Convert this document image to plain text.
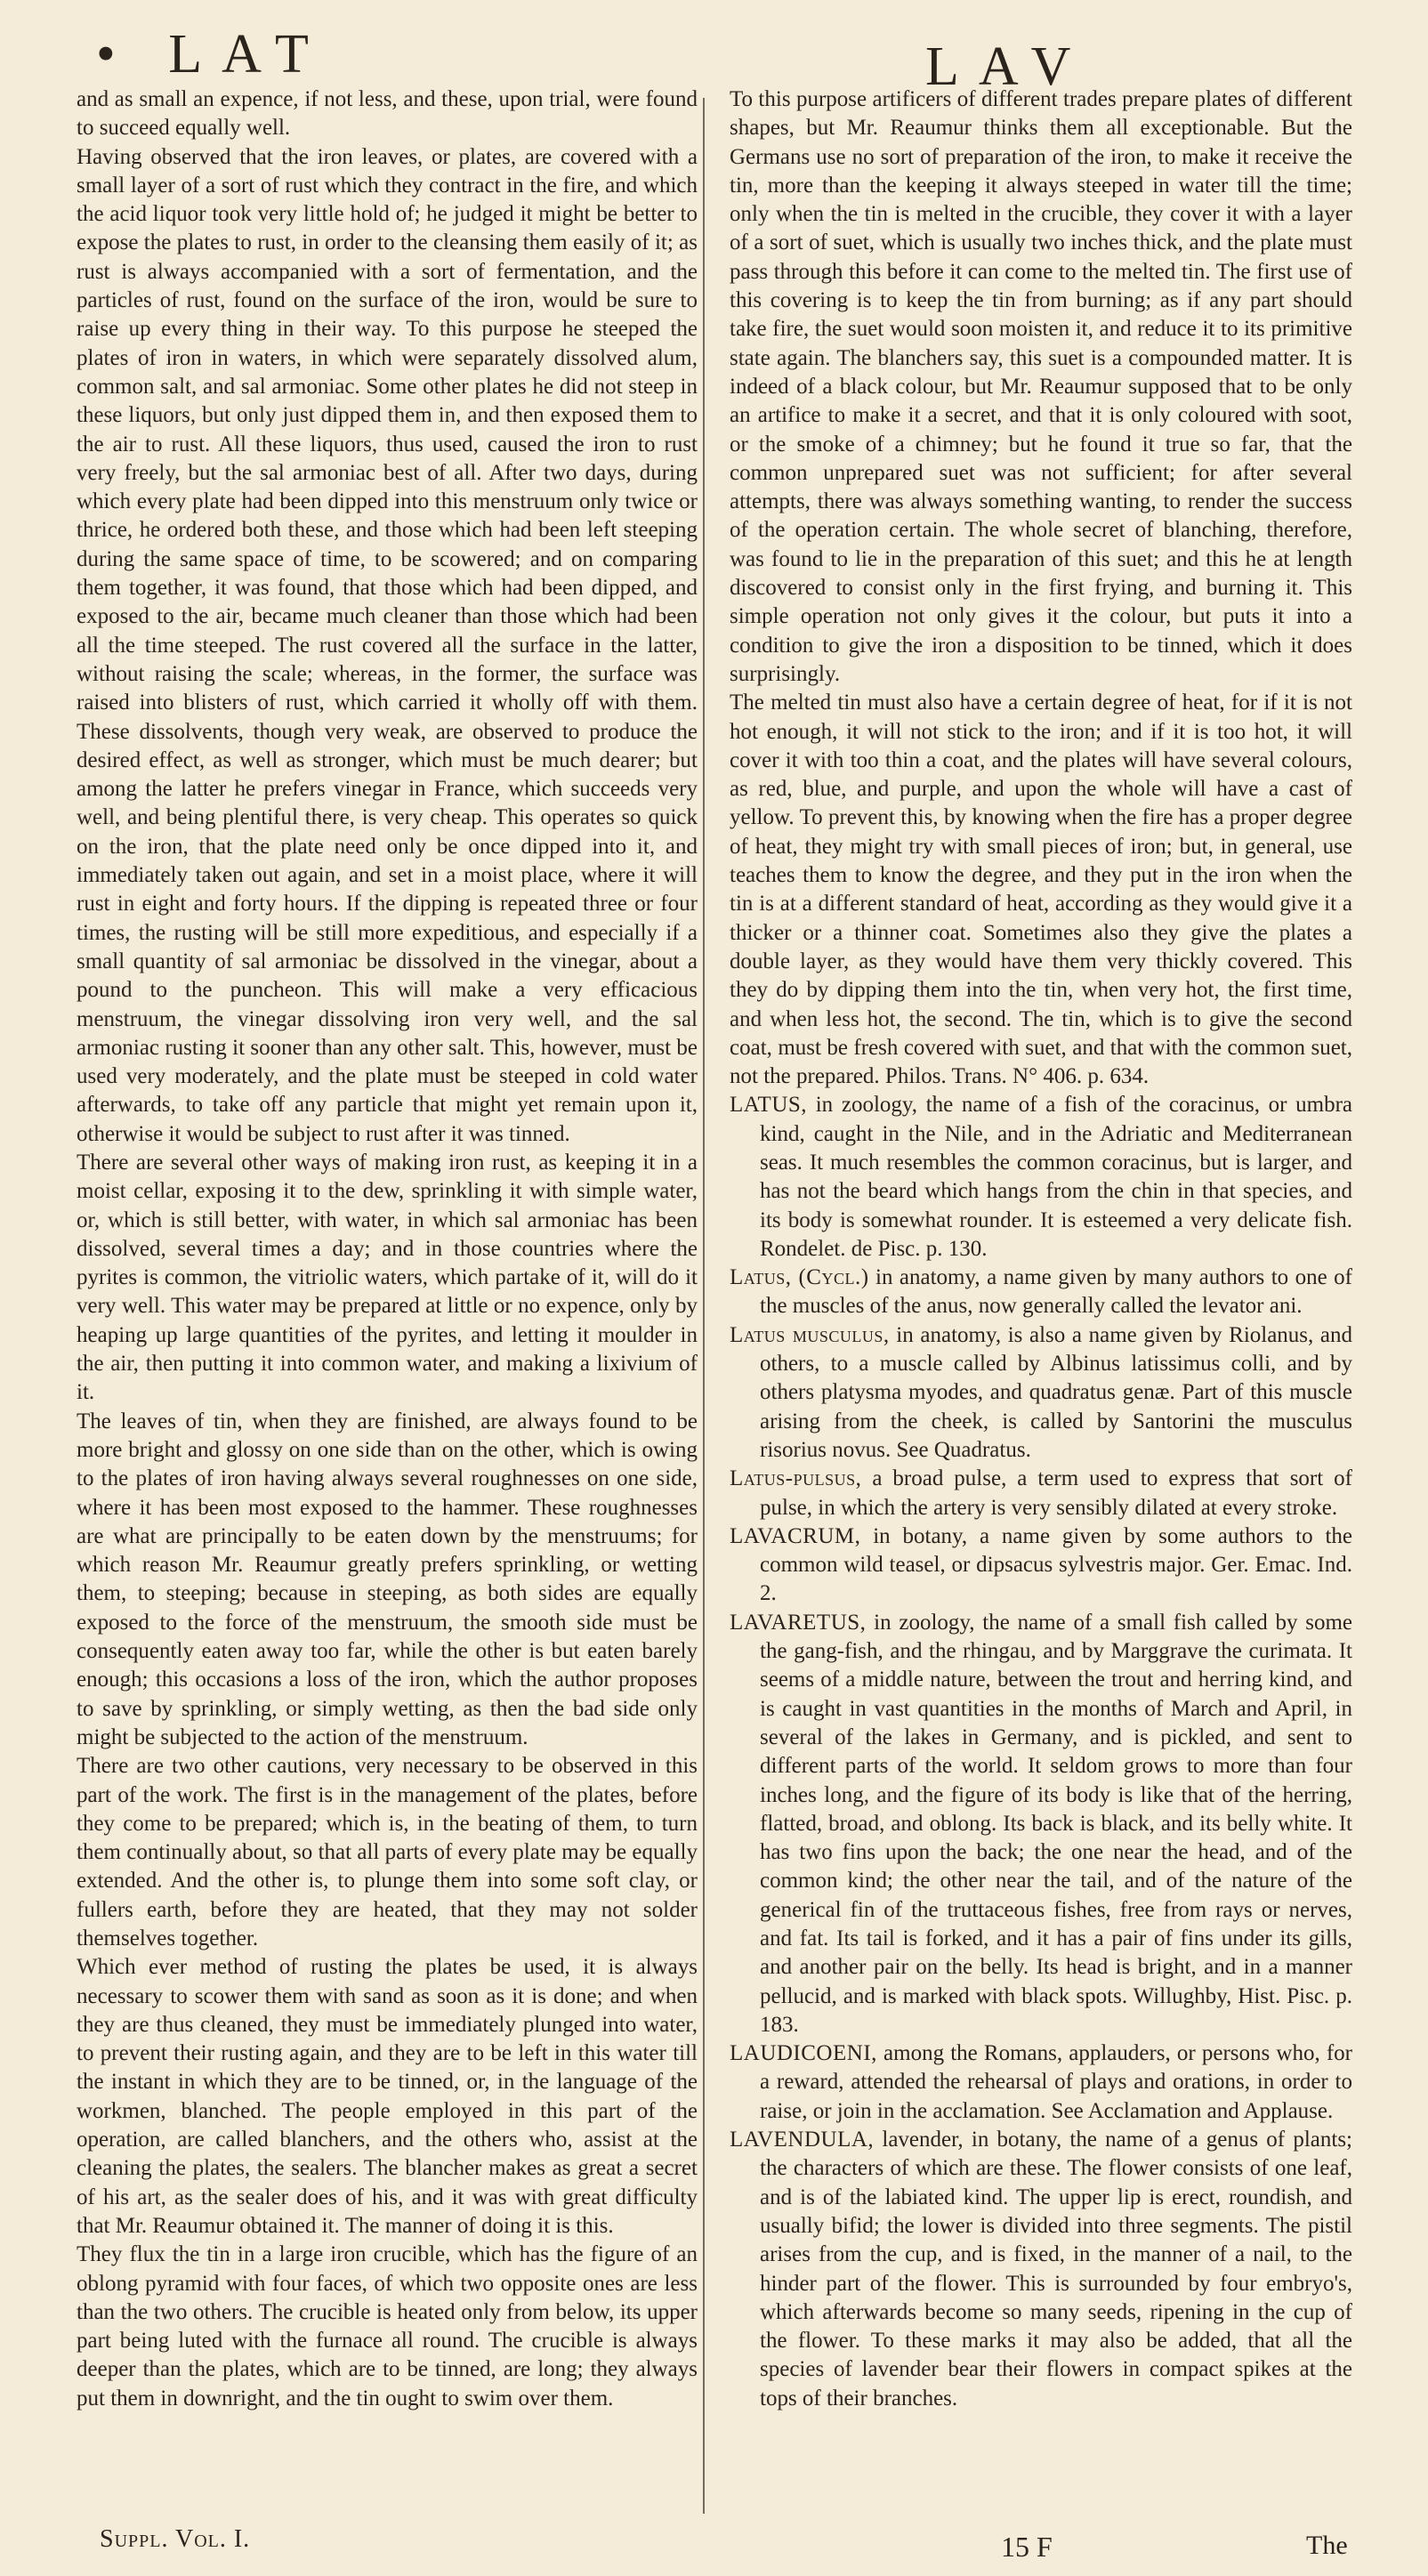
• LAT	LAV

and as small an expence, if not less, and these, upon trial, were found to succeed equally well.

Having observed that the iron leaves, or plates, are covered with a small layer of a sort of rust which they contract in the fire, and which the acid liquor took very little hold of; he judged it might be better to expose the plates to rust, in order to the cleansing them easily of it; as rust is always accompanied with a sort of fermentation, and the particles of rust, found on the surface of the iron, would be sure to raise up every thing in their way. To this purpose he steeped the plates of iron in waters, in which were separately dissolved alum, common salt, and sal armoniac. Some other plates he did not steep in these liquors, but only just dipped them in, and then exposed them to the air to rust. All these liquors, thus used, caused the iron to rust very freely, but the sal armoniac best of all. After two days, during which every plate had been dipped into this menstruum only twice or thrice, he ordered both these, and those which had been left steeping during the same space of time, to be scowered; and on comparing them together, it was found, that those which had been dipped, and exposed to the air, became much cleaner than those which had been all the time steeped. The rust covered all the surface in the latter, without raising the scale; whereas, in the former, the surface was raised into blisters of rust, which carried it wholly off with them. These dissolvents, though very weak, are observed to produce the desired effect, as well as stronger, which must be much dearer; but among the latter he prefers vinegar in France, which succeeds very well, and being plentiful there, is very cheap. This operates so quick on the iron, that the plate need only be once dipped into it, and immediately taken out again, and set in a moist place, where it will rust in eight and forty hours. If the dipping is repeated three or four times, the rusting will be still more expeditious, and especially if a small quantity of sal armoniac be dissolved in the vinegar, about a pound to the puncheon. This will make a very efficacious menstruum, the vinegar dissolving iron very well, and the sal armoniac rusting it sooner than any other salt. This, however, must be used very moderately, and the plate must be steeped in cold water afterwards, to take off any particle that might yet remain upon it, otherwise it would be subject to rust after it was tinned.

There are several other ways of making iron rust, as keeping it in a moist cellar, exposing it to the dew, sprinkling it with simple water, or, which is still better, with water, in which sal armoniac has been dissolved, several times a day; and in those countries where the pyrites is common, the vitriolic waters, which partake of it, will do it very well. This water may be prepared at little or no expence, only by heaping up large quantities of the pyrites, and letting it moulder in the air, then putting it into common water, and making a lixivium of it.

The leaves of tin, when they are finished, are always found to be more bright and glossy on one side than on the other, which is owing to the plates of iron having always several roughnesses on one side, where it has been most exposed to the hammer. These roughnesses are what are principally to be eaten down by the menstruums; for which reason Mr. Reaumur greatly prefers sprinkling, or wetting them, to steeping; because in steeping, as both sides are equally exposed to the force of the menstruum, the smooth side must be consequently eaten away too far, while the other is but eaten barely enough; this occasions a loss of the iron, which the author proposes to save by sprinkling, or simply wetting, as then the bad side only might be subjected to the action of the menstruum.

There are two other cautions, very necessary to be observed in this part of the work. The first is in the management of the plates, before they come to be prepared; which is, in the beating of them, to turn them continually about, so that all parts of every plate may be equally extended. And the other is, to plunge them into some soft clay, or fullers earth, before they are heated, that they may not solder themselves together.

Which ever method of rusting the plates be used, it is always necessary to scower them with sand as soon as it is done; and when they are thus cleaned, they must be immediately plunged into water, to prevent their rusting again, and they are to be left in this water till the instant in which they are to be tinned, or, in the language of the workmen, blanched. The people employed in this part of the operation, are called blanchers, and the others who, assist at the cleaning the plates, the sealers. The blancher makes as great a secret of his art, as the sealer does of his, and it was with great difficulty that Mr. Reaumur obtained it. The manner of doing it is this.

They flux the tin in a large iron crucible, which has the figure of an oblong pyramid with four faces, of which two opposite ones are less than the two others. The crucible is heated only from below, its upper part being luted with the furnace all round. The crucible is always deeper than the plates, which are to be tinned, are long; they always put them in downright, and the tin ought to swim over them.

To this purpose artificers of different trades prepare plates of different shapes, but Mr. Reaumur thinks them all exceptionable. But the Germans use no sort of preparation of the iron, to make it receive the tin, more than the keeping it always steeped in water till the time; only when the tin is melted in the crucible, they cover it with a layer of a sort of suet, which is usually two inches thick, and the plate must pass through this before it can come to the melted tin. The first use of this covering is to keep the tin from burning; as if any part should take fire, the suet would soon moisten it, and reduce it to its primitive state again. The blanchers say, this suet is a compounded matter. It is indeed of a black colour, but Mr. Reaumur supposed that to be only an artifice to make it a secret, and that it is only coloured with soot, or the smoke of a chimney; but he found it true so far, that the common unprepared suet was not sufficient; for after several attempts, there was always something wanting, to render the success of the operation certain. The whole secret of blanching, therefore, was found to lie in the preparation of this suet; and this he at length discovered to consist only in the first frying, and burning it. This simple operation not only gives it the colour, but puts it into a condition to give the iron a disposition to be tinned, which it does surprisingly.

The melted tin must also have a certain degree of heat, for if it is not hot enough, it will not stick to the iron; and if it is too hot, it will cover it with too thin a coat, and the plates will have several colours, as red, blue, and purple, and upon the whole will have a cast of yellow. To prevent this, by knowing when the fire has a proper degree of heat, they might try with small pieces of iron; but, in general, use teaches them to know the degree, and they put in the iron when the tin is at a different standard of heat, according as they would give it a thicker or a thinner coat. Sometimes also they give the plates a double layer, as they would have them very thickly covered. This they do by dipping them into the tin, when very hot, the first time, and when less hot, the second. The tin, which is to give the second coat, must be fresh covered with suet, and that with the common suet, not the prepared. Philos. Trans. N° 406. p. 634.

LATUS, in zoology, the name of a fish of the coracinus, or umbra kind, caught in the Nile, and in the Adriatic and Mediterranean seas. It much resembles the common coracinus, but is larger, and has not the beard which hangs from the chin in that species, and its body is somewhat rounder. It is esteemed a very delicate fish. Rondelet. de Pisc. p. 130.

Latus, (Cycl.) in anatomy, a name given by many authors to one of the muscles of the anus, now generally called the levator ani.

Latus musculus, in anatomy, is also a name given by Riolanus, and others, to a muscle called by Albinus latissimus colli, and by others platysma myodes, and quadratus genæ. Part of this muscle arising from the cheek, is called by Santorini the musculus risorius novus. See Quadratus.

Latus-pulsus, a broad pulse, a term used to express that sort of pulse, in which the artery is very sensibly dilated at every stroke.

LAVACRUM, in botany, a name given by some authors to the common wild teasel, or dipsacus sylvestris major. Ger. Emac. Ind. 2.

LAVARETUS, in zoology, the name of a small fish called by some the gang-fish, and the rhingau, and by Marggrave the curimata. It seems of a middle nature, between the trout and herring kind, and is caught in vast quantities in the months of March and April, in several of the lakes in Germany, and is pickled, and sent to different parts of the world. It seldom grows to more than four inches long, and the figure of its body is like that of the herring, flatted, broad, and oblong. Its back is black, and its belly white. It has two fins upon the back; the one near the head, and of the common kind; the other near the tail, and of the nature of the generical fin of the truttaceous fishes, free from rays or nerves, and fat. Its tail is forked, and it has a pair of fins under its gills, and another pair on the belly. Its head is bright, and in a manner pellucid, and is marked with black spots. Willughby, Hist. Pisc. p. 183.

LAUDICOENI, among the Romans, applauders, or persons who, for a reward, attended the rehearsal of plays and orations, in order to raise, or join in the acclamation. See Acclamation and Applause.

LAVENDULA, lavender, in botany, the name of a genus of plants; the characters of which are these. The flower consists of one leaf, and is of the labiated kind. The upper lip is erect, roundish, and usually bifid; the lower is divided into three segments. The pistil arises from the cup, and is fixed, in the manner of a nail, to the hinder part of the flower. This is surrounded by four embryo's, which afterwards become so many seeds, ripening in the cup of the flower. To these marks it may also be added, that all the species of lavender bear their flowers in compact spikes at the tops of their branches.

Suppl. Vol. I.	15 F	The
